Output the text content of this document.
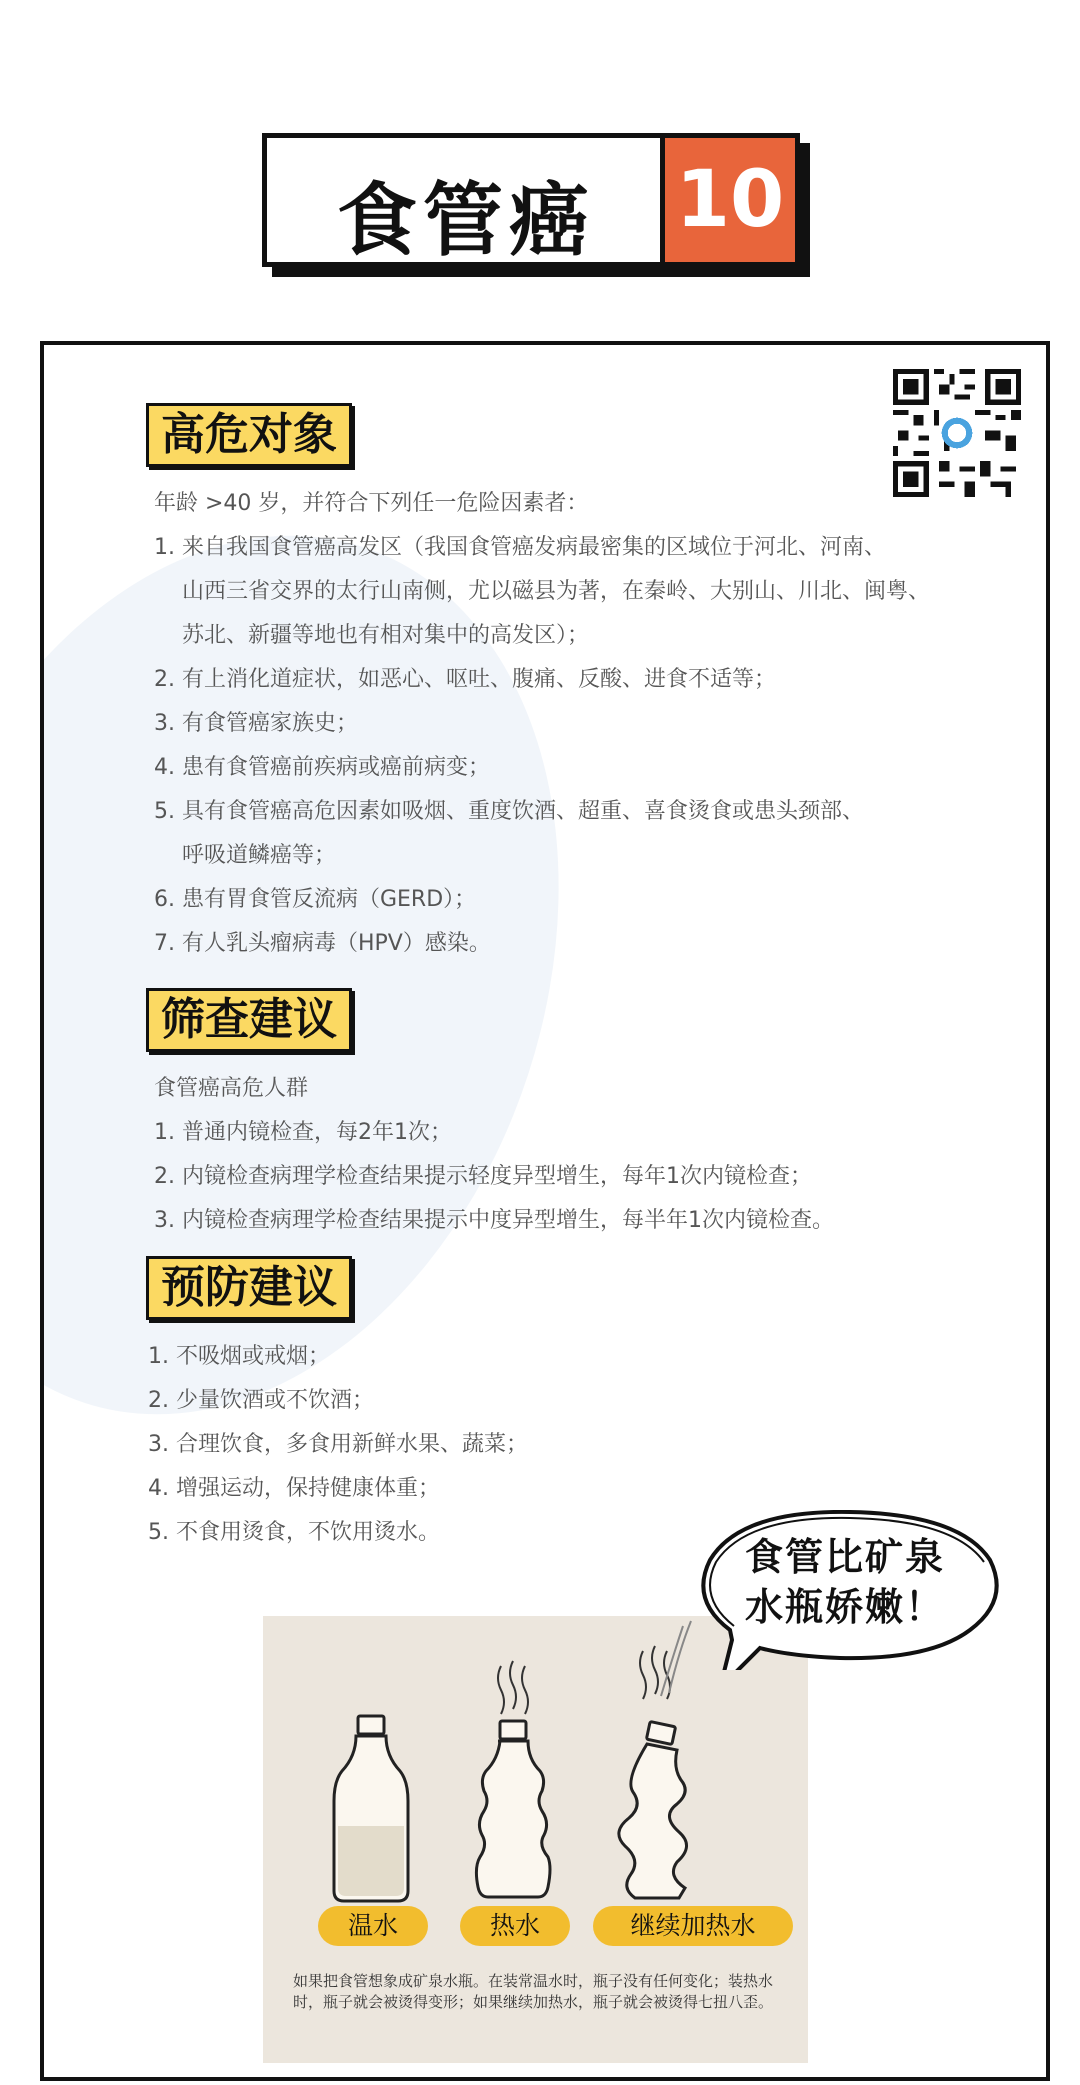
食管癌 10
高危对象
年龄 >40 岁，并符合下列任一危险因素者：
1. 来自我国食管癌高发区（我国食管癌发病最密集的区域位于河北、河南、
山西三省交界的太行山南侧，尤以磁县为著，在秦岭、大别山、川北、闽粤、
苏北、新疆等地也有相对集中的高发区）；
2. 有上消化道症状，如恶心、呕吐、腹痛、反酸、进食不适等；
3. 有食管癌家族史；
4. 患有食管癌前疾病或癌前病变；
5. 具有食管癌高危因素如吸烟、重度饮酒、超重、喜食烫食或患头颈部、
呼吸道鳞癌等；
6. 患有胃食管反流病（GERD）；
7. 有人乳头瘤病毒（HPV）感染。
筛查建议
食管癌高危人群
1. 普通内镜检查，每2年1次；
2. 内镜检查病理学检查结果提示轻度异型增生，每年1次内镜检查；
3. 内镜检查病理学检查结果提示中度异型增生，每半年1次内镜检查。
预防建议
1. 不吸烟或戒烟；
2. 少量饮酒或不饮酒；
3. 合理饮食，多食用新鲜水果、蔬菜；
4. 增强运动，保持健康体重；
5. 不食用烫食，不饮用烫水。
温水	热水	继续加热水
如果把食管想象成矿泉水瓶。在装常温水时，瓶子没有任何变化；装热水时，瓶子就会被烫得变形；如果继续加热水，瓶子就会被烫得七扭八歪。
食管比矿泉
水瓶娇嫩！
